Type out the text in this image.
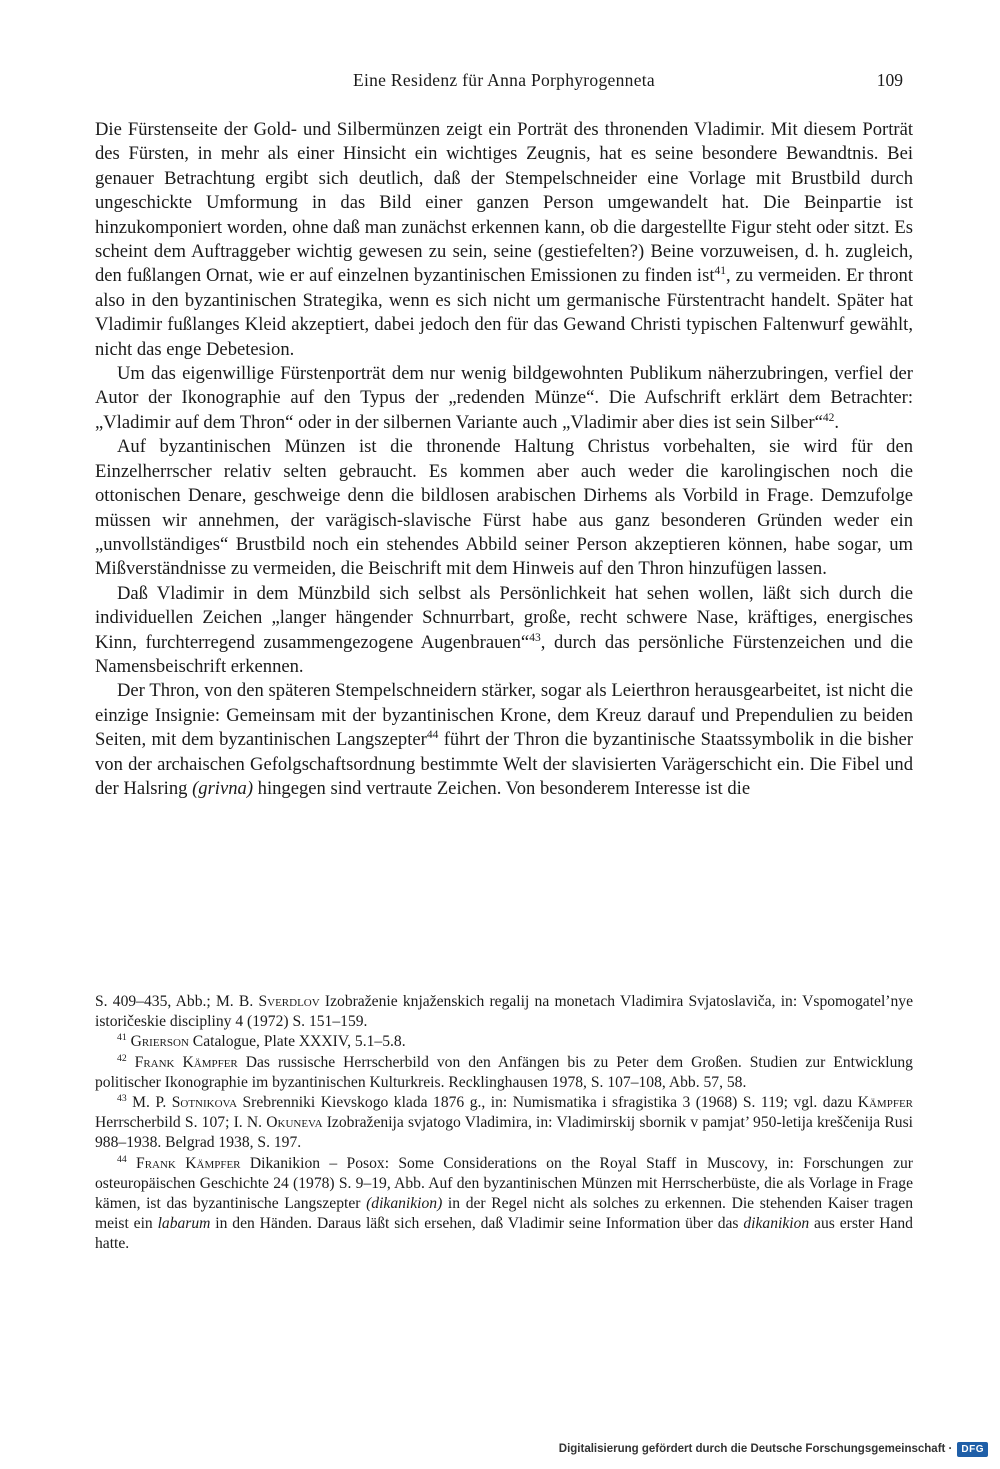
Eine Residenz für Anna Porphyrogenneta	109

Die Fürstenseite der Gold- und Silbermünzen zeigt ein Porträt des thronenden Vladimir. Mit diesem Porträt des Fürsten, in mehr als einer Hinsicht ein wichtiges Zeugnis, hat es seine besondere Bewandtnis. Bei genauer Betrachtung ergibt sich deutlich, daß der Stempelschneider eine Vorlage mit Brustbild durch ungeschickte Umformung in das Bild einer ganzen Person umgewandelt hat. Die Beinpartie ist hinzukomponiert worden, ohne daß man zunächst erkennen kann, ob die dargestellte Figur steht oder sitzt. Es scheint dem Auftraggeber wichtig gewesen zu sein, seine (gestiefelten?) Beine vorzuweisen, d. h. zugleich, den fußlangen Ornat, wie er auf einzelnen byzantinischen Emissionen zu finden ist$^{41}$, zu vermeiden. Er thront also in den byzantinischen Strategika, wenn es sich nicht um germanische Fürstentracht handelt. Später hat Vladimir fußlanges Kleid akzeptiert, dabei jedoch den für das Gewand Christi typischen Faltenwurf gewählt, nicht das enge Debetesion.

Um das eigenwillige Fürstenporträt dem nur wenig bildgewohnten Publikum näherzubringen, verfiel der Autor der Ikonographie auf den Typus der „redenden Münze“. Die Aufschrift erklärt dem Betrachter: „Vladimir auf dem Thron“ oder in der silbernen Variante auch „Vladimir aber dies ist sein Silber“$^{42}$.

Auf byzantinischen Münzen ist die thronende Haltung Christus vorbehalten, sie wird für den Einzelherrscher relativ selten gebraucht. Es kommen aber auch weder die karolingischen noch die ottonischen Denare, geschweige denn die bildlosen arabischen Dirhems als Vorbild in Frage. Demzufolge müssen wir annehmen, der varägisch-slavische Fürst habe aus ganz besonderen Gründen weder ein „unvollständiges“ Brustbild noch ein stehendes Abbild seiner Person akzeptieren können, habe sogar, um Mißverständnisse zu vermeiden, die Beischrift mit dem Hinweis auf den Thron hinzufügen lassen.

Daß Vladimir in dem Münzbild sich selbst als Persönlichkeit hat sehen wollen, läßt sich durch die individuellen Zeichen „langer hängender Schnurrbart, große, recht schwere Nase, kräftiges, energisches Kinn, furchterregend zusammengezogene Augenbrauen“$^{43}$, durch das persönliche Fürstenzeichen und die Namensbeischrift erkennen.

Der Thron, von den späteren Stempelschneidern stärker, sogar als Leierthron herausgearbeitet, ist nicht die einzige Insignie: Gemeinsam mit der byzantinischen Krone, dem Kreuz darauf und Prependulien zu beiden Seiten, mit dem byzantinischen Langszepter$^{44}$ führt der Thron die byzantinische Staatssymbolik in die bisher von der archaischen Gefolgschaftsordnung bestimmte Welt der slavisierten Varägerschicht ein. Die Fibel und der Halsring (grivna) hingegen sind vertraute Zeichen. Von besonderem Interesse ist die

S. 409–435, Abb.; M. B. Sverdlov Izobraženie knjaženskich regalij na monetach Vladimira Svjatoslaviča, in: Vspomogatel’nye istoričeskie discipliny 4 (1972) S. 151–159.

$^{41}$ Grierson Catalogue, Plate XXXIV, 5.1–5.8.

$^{42}$ Frank Kämpfer Das russische Herrscherbild von den Anfängen bis zu Peter dem Großen. Studien zur Entwicklung politischer Ikonographie im byzantinischen Kulturkreis. Recklinghausen 1978, S. 107–108, Abb. 57, 58.

$^{43}$ M. P. Sotnikova Srebrenniki Kievskogo klada 1876 g., in: Numismatika i sfragistika 3 (1968) S. 119; vgl. dazu Kämpfer Herrscherbild S. 107; I. N. Okuneva Izobraženija svjatogo Vladimira, in: Vladimirskij sbornik v pamjat’ 950-letija kreščenija Rusi 988–1938. Belgrad 1938, S. 197.

$^{44}$ Frank Kämpfer Dikanikion – Posox: Some Considerations on the Royal Staff in Muscovy, in: Forschungen zur osteuropäischen Geschichte 24 (1978) S. 9–19, Abb. Auf den byzantinischen Münzen mit Herrscherbüste, die als Vorlage in Frage kämen, ist das byzantinische Langszepter (dikanikion) in der Regel nicht als solches zu erkennen. Die stehenden Kaiser tragen meist ein labarum in den Händen. Daraus läßt sich ersehen, daß Vladimir seine Information über das dikanikion aus erster Hand hatte.

Digitalisierung gefördert durch die Deutsche Forschungsgemeinschaft · DFG
